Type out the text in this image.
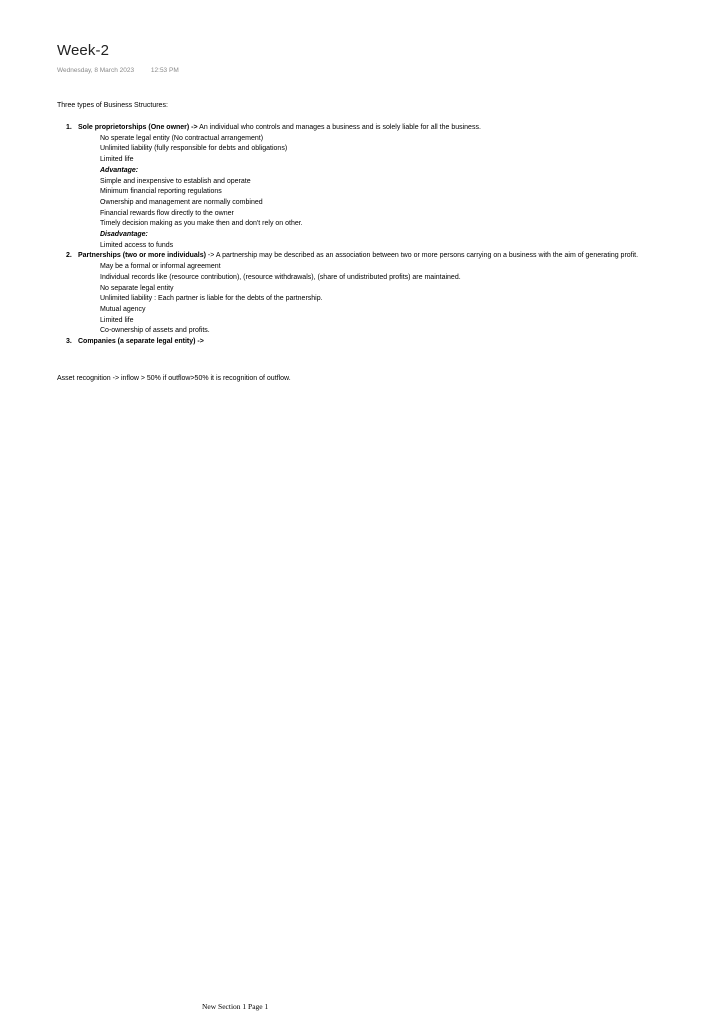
Week-2
Wednesday, 8 March 2023	12:53 PM
Three types of Business Structures:
1. Sole proprietorships (One owner) -> An individual who controls and manages a business and is solely liable for all the business.
No sperate legal entity (No contractual arrangement)
Unlimited liability (fully responsible for debts and obligations)
Limited life
Advantage:
Simple and inexpensive to establish and operate
Minimum financial reporting regulations
Ownership and management are normally combined
Financial rewards flow directly to the owner
Timely decision making as you make then and don't rely on other.
Disadvantage:
Limited access to funds
2. Partnerships (two or more individuals) -> A partnership may be described as an association between two or more persons carrying on a business with the aim of generating profit.
May be a formal or informal agreement
Individual records like (resource contribution), (resource withdrawals), (share of undistributed profits) are maintained.
No separate legal entity
Unlimited liability : Each partner is liable for the debts of the partnership.
Mutual agency
Limited life
Co-ownership of assets and profits.
3. Companies (a separate legal entity) ->
Asset recognition -> inflow > 50% if outflow>50% it is recognition of outflow.
New Section 1 Page 1
